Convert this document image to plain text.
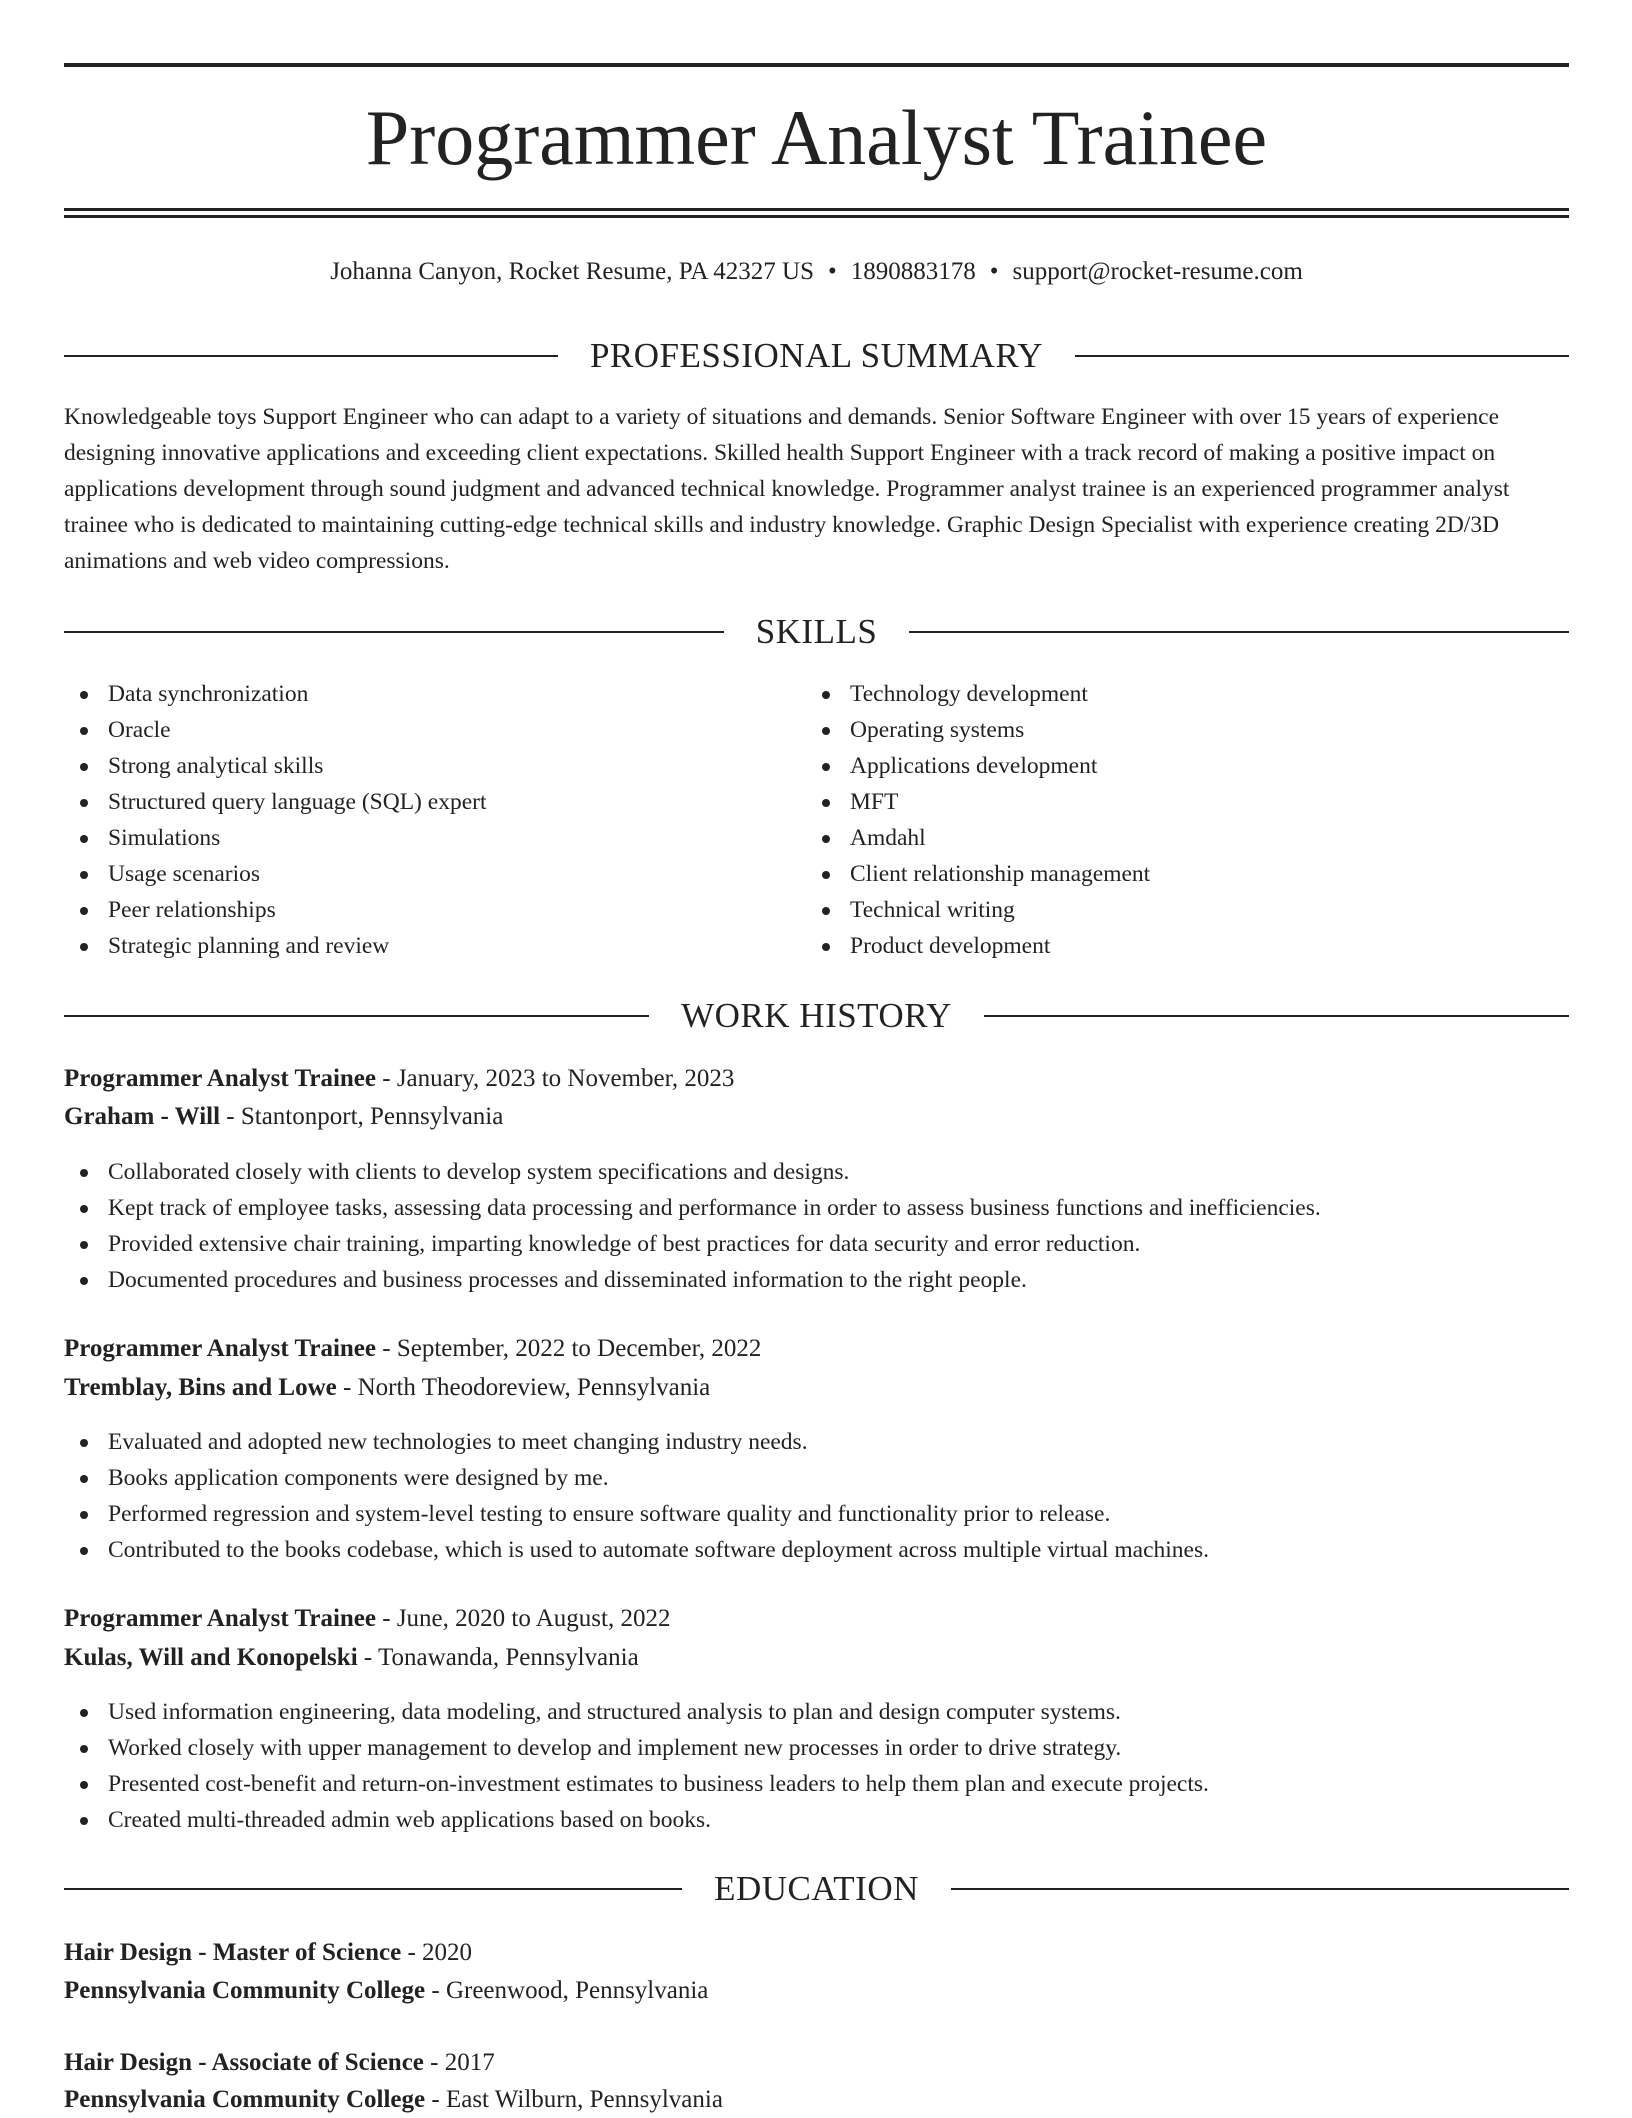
Programmer Analyst Trainee
Johanna Canyon, Rocket Resume, PA 42327 US • 1890883178 • support@rocket-resume.com
PROFESSIONAL SUMMARY

Knowledgeable toys Support Engineer who can adapt to a variety of situations and demands. Senior Software Engineer with over 15 years of experience designing innovative applications and exceeding client expectations. Skilled health Support Engineer with a track record of making a positive impact on applications development through sound judgment and advanced technical knowledge. Programmer analyst trainee is an experienced programmer analyst trainee who is dedicated to maintaining cutting-edge technical skills and industry knowledge. Graphic Design Specialist with experience creating 2D/3D animations and web video compressions.

SKILLS
Data synchronization
Oracle
Strong analytical skills
Structured query language (SQL) expert
Simulations
Usage scenarios
Peer relationships
Strategic planning and review
Technology development
Operating systems
Applications development
MFT
Amdahl
Client relationship management
Technical writing
Product development
WORK HISTORY
Programmer Analyst Trainee - January, 2023 to November, 2023
Graham - Will - Stantonport, Pennsylvania
Collaborated closely with clients to develop system specifications and designs.
Kept track of employee tasks, assessing data processing and performance in order to assess business functions and inefficiencies.
Provided extensive chair training, imparting knowledge of best practices for data security and error reduction.
Documented procedures and business processes and disseminated information to the right people.
Programmer Analyst Trainee - September, 2022 to December, 2022
Tremblay, Bins and Lowe - North Theodoreview, Pennsylvania
Evaluated and adopted new technologies to meet changing industry needs.
Books application components were designed by me.
Performed regression and system-level testing to ensure software quality and functionality prior to release.
Contributed to the books codebase, which is used to automate software deployment across multiple virtual machines.
Programmer Analyst Trainee - June, 2020 to August, 2022
Kulas, Will and Konopelski - Tonawanda, Pennsylvania
Used information engineering, data modeling, and structured analysis to plan and design computer systems.
Worked closely with upper management to develop and implement new processes in order to drive strategy.
Presented cost-benefit and return-on-investment estimates to business leaders to help them plan and execute projects.
Created multi-threaded admin web applications based on books.
EDUCATION
Hair Design - Master of Science - 2020
Pennsylvania Community College - Greenwood, Pennsylvania
Hair Design - Associate of Science - 2017
Pennsylvania Community College - East Wilburn, Pennsylvania
